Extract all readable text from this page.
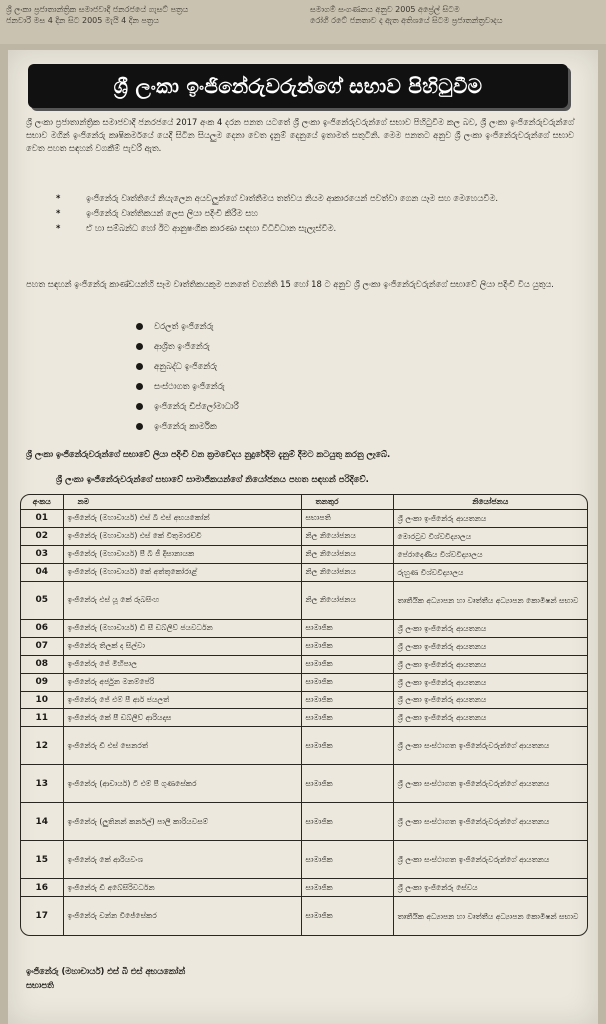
ශ්‍රී ලංකා ප්‍රජාතාන්ත්‍රික සමාජවාදී ජනරජයේ ගැසට් පත්‍රය
ජනවාරි මස 4 දින සිට 2005 මැයි 4 දින පත්‍රය
සමාගම් සංගණනය අනුව 2005 අප්‍රේල් සිටම
රෝගී රටේ ජනතාව ද ඇත අතිශයේ සිටම ප්‍රජාතන්ත්‍රවාදය
ශ්‍රී ලංකා ඉංජිනේරුවරුන්ගේ සභාව පිහිටුවීම
ශ්‍රී ලංකා ප්‍රජාතාන්ත්‍රික සමාජවාදී ජනරජයේ 2017 අංක 4 දරන පනත යටතේ ශ්‍රී ලංකා ඉංජිනේරුවරුන්ගේ සභාව පිහිටුවීම කල බව, ශ්‍රී ලංකා ඉංජිනේරුවරුන්ගේ සභාව මගින් ඉංජිනේරු කෘෂිකර්මයේ යෙදී සිටින සියලුම දෙනා වෙත දැනුම් දෙනුයේ ඉතාමත් සතුටිනි. මෙම පනතට අනුව ශ්‍රී ලංකා ඉංජිනේරුවරුන්ගේ සභාව වෙත පහත සඳහන් වගකීම් පැවරී ඇත.
*	ඉංජිනේරු වෘත්තියේ නියැලෙන අයවලුන්ගේ වෘත්තීමය තත්වය නියම ආකාරයෙන් පවත්වා ගෙන යෑම සහ මෙහෙයවීම.
*	ඉංජිනේරු වෘත්තිකයන් ලෙස ලියා පදිංචි කිරීම සහ
*	ඒ හා සම්බන්ධ හෝ ඊට ආනුෂංගික කාරණා සඳහා විධිවිධාන සැලැස්වීම.
පහත සඳහන් ඉංජිනේරු කාණ්ඩයන්හි සෑම වෘත්තිකයකුම පනතේ වගන්ති 15 හෝ 18 ට අනුව ශ්‍රී ලංකා ඉංජිනේරුවරුන්ගේ සභාවේ ලියා පදිංචි විය යුතුය.
වරලත් ඉංජිනේරු
ආශ්‍රිත ඉංජිනේරු
අනුබද්ධ ඉංජිනේරු
සංස්ථාගත ඉංජිනේරු
ඉංජිනේරු ඩිප්ලෝමාධාරී
ඉංජිනේරු කාර්මික
ශ්‍රී ලංකා ඉංජිනේරුවරුන්ගේ සභාවේ ලියා පදිංචි වන ක්‍රමවේදය නුදුරේදීම දැනුම් දීමට කටයුතු කරනු ලැබේ.
ශ්‍රී ලංකා ඉංජිනේරුවරුන්ගේ සභාවේ සාමාජිකයන්ගේ නියෝජනය පහත සඳහන් පරිදිවේ.
අංකය	නම	තනතුර	නියෝජනය
01	ඉංජිනේරු (මහාචාර්ය) එස් බී එස් අභයකෝන්	සභාපති	ශ්‍රී ලංකා ඉංජිනේරු ආයතනය
02	ඉංජිනේරු (මහාචාර්ය) එස් කේ විතුමාරච්චි	නිල නියෝජනය	මොරටුව විශ්වවිද්‍යාලය
03	ඉංජිනේරු (මහාචාර්ය) පී බී ජී දිසානායක	නිල නියෝජනය	පේරාදෙණිය විශ්වවිද්‍යාලය
04	ඉංජිනේරු (මහාචාර්ය) කේ අත්තුකෝරාළ්	නිල නියෝජනය	රුහුණ විශ්වවිද්‍යාලය
05	ඉංජිනේරු එස් යූ කේ රූබසිංහ	නිල නියෝජනය	තෘතීයික අධ්‍යාපන හා වෘත්තීය අධ්‍යාපන කොමිෂන් සභාව
06	ඉංජිනේරු (මහාචාර්ය) ඩී සී ඩබ්ලිව් ජයවර්ධන	සාමාජික	ශ්‍රී ලංකා ඉංජිනේරු ආයතනය
07	ඉංජිනේරු තිලක් ද සිල්වා	සාමාජික	ශ්‍රී ලංකා ඉංජිනේරු ආයතනය
08	ඉංජිනේරු ජේ මිහිපාල	සාමාජික	ශ්‍රී ලංකා ඉංජිනේරු ආයතනය
09	ඉංජිනේරු අර්ජුන මනම්පේරි	සාමාජික	ශ්‍රී ලංකා ඉංජිනේරු ආයතනය
10	ඉංජිනේරු ජේ එම් පී ආර් ජයලත්	සාමාජික	ශ්‍රී ලංකා ඉංජිනේරු ආයතනය
11	ඉංජිනේරු කේ පී ඩබ්ලිව් ආරියදාස	සාමාජික	ශ්‍රී ලංකා ඉංජිනේරු ආයතනය
12	ඉංජිනේරු ඩී එස් සෙනරත්	සාමාජික	ශ්‍රී ලංකා සංස්ථාගත ඉංජිනේරුවරුන්ගේ ආයතනය
13	ඉංජිනේරු (ආචාර්ය) ටී එම් පී ගුණසේකර	සාමාජික	ශ්‍රී ලංකා සංස්ථාගත ඉංජිනේරුවරුන්ගේ ආයතනය
14	ඉංජිනේරු (ලුතිනන් කර්නල්) පාලි කාරියවසම්	සාමාජික	ශ්‍රී ලංකා සංස්ථාගත ඉංජිනේරුවරුන්ගේ ආයතනය
15	ඉංජිනේරු කේ ආරියවංශ	සාමාජික	ශ්‍රී ලංකා සංස්ථාගත ඉංජිනේරුවරුන්ගේ ආයතනය
16	ඉංජිනේරු ඩී අබේසිරිවර්ධන	සාමාජික	ශ්‍රී ලංකා ඉංජිනේරු සේවය
17	ඉංජිනේරු චන්න විජේසේකර	සාමාජික	තෘතීයික අධ්‍යාපන හා වෘත්තීය අධ්‍යාපන කොමිෂන් සභාව
ඉංජිනේරු (මහාචාර්ය) එස් බී එස් අභයකෝන්
සභාපති
